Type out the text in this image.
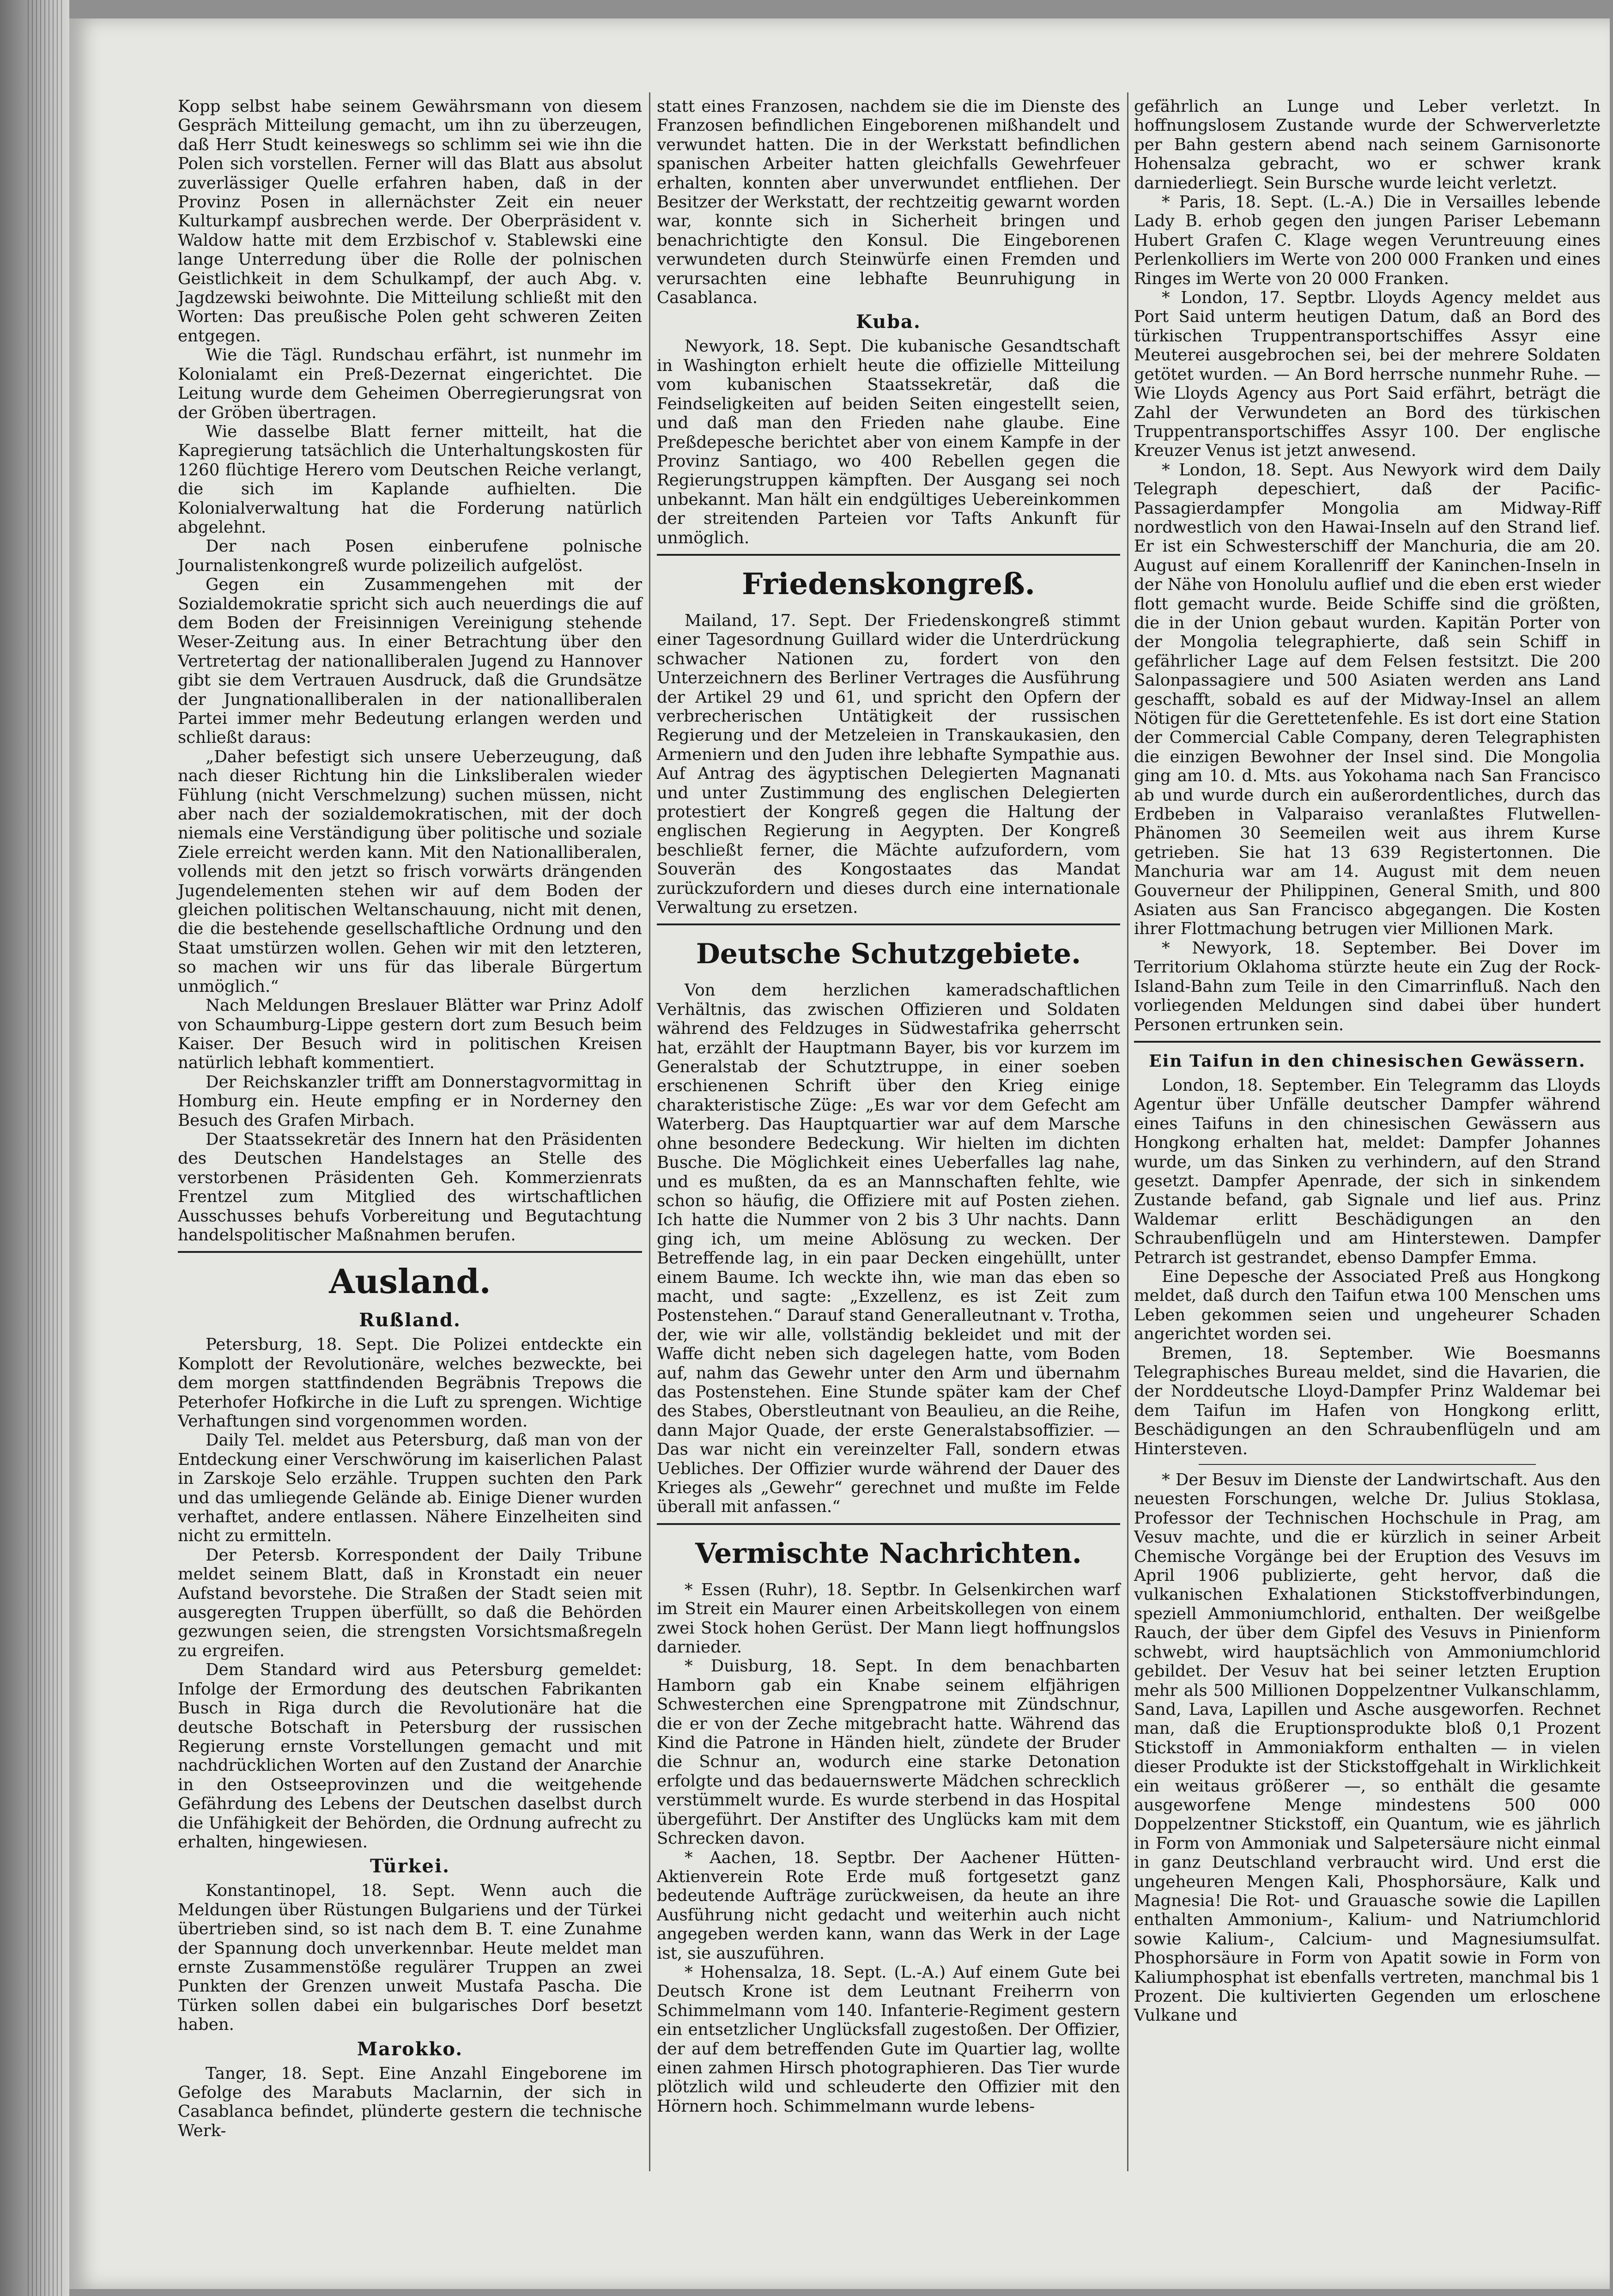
Kopp selbst habe seinem Gewährsmann von diesem Gespräch Mitteilung gemacht, um ihn zu überzeugen, daß Herr Studt keineswegs so schlimm sei wie ihn die Polen sich vorstellen. Ferner will das Blatt aus absolut zuverlässiger Quelle erfahren haben, daß in der Provinz Posen in allernächster Zeit ein neuer Kulturkampf ausbrechen werde. Der Oberpräsident v. Waldow hatte mit dem Erzbischof v. Stablewski eine lange Unterredung über die Rolle der polnischen Geistlichkeit in dem Schulkampf, der auch Abg. v. Jagdzewski beiwohnte. Die Mitteilung schließt mit den Worten: Das preußische Polen geht schweren Zeiten entgegen.

Wie die Tägl. Rundschau erfährt, ist nunmehr im Kolonialamt ein Preß-Dezernat eingerichtet. Die Leitung wurde dem Geheimen Oberregierungsrat von der Gröben übertragen.

Wie dasselbe Blatt ferner mitteilt, hat die Kapregierung tatsächlich die Unterhaltungskosten für 1260 flüchtige Herero vom Deutschen Reiche verlangt, die sich im Kaplande aufhielten. Die Kolonialverwaltung hat die Forderung natürlich abgelehnt.

Der nach Posen einberufene polnische Journalistenkongreß wurde polizeilich aufgelöst.

Gegen ein Zusammengehen mit der Sozialdemokratie spricht sich auch neuerdings die auf dem Boden der Freisinnigen Vereinigung stehende Weser-Zeitung aus. In einer Betrachtung über den Vertretertag der nationalliberalen Jugend zu Hannover gibt sie dem Vertrauen Ausdruck, daß die Grundsätze der Jungnationalliberalen in der nationalliberalen Partei immer mehr Bedeutung erlangen werden und schließt daraus:

„Daher befestigt sich unsere Ueberzeugung, daß nach dieser Richtung hin die Linksliberalen wieder Fühlung (nicht Verschmelzung) suchen müssen, nicht aber nach der sozialdemokratischen, mit der doch niemals eine Verständigung über politische und soziale Ziele erreicht werden kann. Mit den Nationalliberalen, vollends mit den jetzt so frisch vorwärts drängenden Jugendelementen stehen wir auf dem Boden der gleichen politischen Weltanschauung, nicht mit denen, die die bestehende gesellschaftliche Ordnung und den Staat umstürzen wollen. Gehen wir mit den letzteren, so machen wir uns für das liberale Bürgertum unmöglich.“

Nach Meldungen Breslauer Blätter war Prinz Adolf von Schaumburg-Lippe gestern dort zum Besuch beim Kaiser. Der Besuch wird in politischen Kreisen natürlich lebhaft kommentiert.

Der Reichskanzler trifft am Donnerstagvormittag in Homburg ein. Heute empfing er in Norderney den Besuch des Grafen Mirbach.

Der Staatssekretär des Innern hat den Präsidenten des Deutschen Handelstages an Stelle des verstorbenen Präsidenten Geh. Kommerzienrats Frentzel zum Mitglied des wirtschaftlichen Ausschusses behufs Vorbereitung und Begutachtung handelspolitischer Maßnahmen berufen.

Ausland.
Rußland.

Petersburg, 18. Sept. Die Polizei entdeckte ein Komplott der Revolutionäre, welches bezweckte, bei dem morgen stattfindenden Begräbnis Trepows die Peterhofer Hofkirche in die Luft zu sprengen. Wichtige Verhaftungen sind vorgenommen worden.

Daily Tel. meldet aus Petersburg, daß man von der Entdeckung einer Verschwörung im kaiserlichen Palast in Zarskoje Selo erzähle. Truppen suchten den Park und das umliegende Gelände ab. Einige Diener wurden verhaftet, andere entlassen. Nähere Einzelheiten sind nicht zu ermitteln.

Der Petersb. Korrespondent der Daily Tribune meldet seinem Blatt, daß in Kronstadt ein neuer Aufstand bevorstehe. Die Straßen der Stadt seien mit ausgeregten Truppen überfüllt, so daß die Behörden gezwungen seien, die strengsten Vorsichtsmaßregeln zu ergreifen.

Dem Standard wird aus Petersburg gemeldet: Infolge der Ermordung des deutschen Fabrikanten Busch in Riga durch die Revolutionäre hat die deutsche Botschaft in Petersburg der russischen Regierung ernste Vorstellungen gemacht und mit nachdrücklichen Worten auf den Zustand der Anarchie in den Ostseeprovinzen und die weitgehende Gefährdung des Lebens der Deutschen daselbst durch die Unfähigkeit der Behörden, die Ordnung aufrecht zu erhalten, hingewiesen.

Türkei.

Konstantinopel, 18. Sept. Wenn auch die Meldungen über Rüstungen Bulgariens und der Türkei übertrieben sind, so ist nach dem B. T. eine Zunahme der Spannung doch unverkennbar. Heute meldet man ernste Zusammenstöße regulärer Truppen an zwei Punkten der Grenzen unweit Mustafa Pascha. Die Türken sollen dabei ein bulgarisches Dorf besetzt haben.

Marokko.

Tanger, 18. Sept. Eine Anzahl Eingeborene im Gefolge des Marabuts Maclarnin, der sich in Casablanca befindet, plünderte gestern die technische Werk-

statt eines Franzosen, nachdem sie die im Dienste des Franzosen befindlichen Eingeborenen mißhandelt und verwundet hatten. Die in der Werkstatt befindlichen spanischen Arbeiter hatten gleichfalls Gewehrfeuer erhalten, konnten aber unverwundet entfliehen. Der Besitzer der Werkstatt, der rechtzeitig gewarnt worden war, konnte sich in Sicherheit bringen und benachrichtigte den Konsul. Die Eingeborenen verwundeten durch Steinwürfe einen Fremden und verursachten eine lebhafte Beunruhigung in Casablanca.

Kuba.

Newyork, 18. Sept. Die kubanische Gesandtschaft in Washington erhielt heute die offizielle Mitteilung vom kubanischen Staatssekretär, daß die Feindseligkeiten auf beiden Seiten eingestellt seien, und daß man den Frieden nahe glaube. Eine Preßdepesche berichtet aber von einem Kampfe in der Provinz Santiago, wo 400 Rebellen gegen die Regierungstruppen kämpften. Der Ausgang sei noch unbekannt. Man hält ein endgültiges Uebereinkommen der streitenden Parteien vor Tafts Ankunft für unmöglich.

Friedenskongreß.

Mailand, 17. Sept. Der Friedenskongreß stimmt einer Tagesordnung Guillard wider die Unterdrückung schwacher Nationen zu, fordert von den Unterzeichnern des Berliner Vertrages die Ausführung der Artikel 29 und 61, und spricht den Opfern der verbrecherischen Untätigkeit der russischen Regierung und der Metzeleien in Transkaukasien, den Armeniern und den Juden ihre lebhafte Sympathie aus. Auf Antrag des ägyptischen Delegierten Magnanati und unter Zustimmung des englischen Delegierten protestiert der Kongreß gegen die Haltung der englischen Regierung in Aegypten. Der Kongreß beschließt ferner, die Mächte aufzufordern, vom Souverän des Kongostaates das Mandat zurückzufordern und dieses durch eine internationale Verwaltung zu ersetzen.

Deutsche Schutzgebiete.

Von dem herzlichen kameradschaftlichen Verhältnis, das zwischen Offizieren und Soldaten während des Feldzuges in Südwestafrika geherrscht hat, erzählt der Hauptmann Bayer, bis vor kurzem im Generalstab der Schutztruppe, in einer soeben erschienenen Schrift über den Krieg einige charakteristische Züge: „Es war vor dem Gefecht am Waterberg. Das Hauptquartier war auf dem Marsche ohne besondere Bedeckung. Wir hielten im dichten Busche. Die Möglichkeit eines Ueberfalles lag nahe, und es mußten, da es an Mannschaften fehlte, wie schon so häufig, die Offiziere mit auf Posten ziehen. Ich hatte die Nummer von 2 bis 3 Uhr nachts. Dann ging ich, um meine Ablösung zu wecken. Der Betreffende lag, in ein paar Decken eingehüllt, unter einem Baume. Ich weckte ihn, wie man das eben so macht, und sagte: „Exzellenz, es ist Zeit zum Postenstehen.“ Darauf stand Generalleutnant v. Trotha, der, wie wir alle, vollständig bekleidet und mit der Waffe dicht neben sich dagelegen hatte, vom Boden auf, nahm das Gewehr unter den Arm und übernahm das Postenstehen. Eine Stunde später kam der Chef des Stabes, Oberstleutnant von Beaulieu, an die Reihe, dann Major Quade, der erste Generalstabsoffizier. — Das war nicht ein vereinzelter Fall, sondern etwas Uebliches. Der Offizier wurde während der Dauer des Krieges als „Gewehr“ gerechnet und mußte im Felde überall mit anfassen.“

Vermischte Nachrichten.

* Essen (Ruhr), 18. Septbr. In Gelsenkirchen warf im Streit ein Maurer einen Arbeitskollegen von einem zwei Stock hohen Gerüst. Der Mann liegt hoffnungslos darnieder.

* Duisburg, 18. Sept. In dem benachbarten Hamborn gab ein Knabe seinem elfjährigen Schwesterchen eine Sprengpatrone mit Zündschnur, die er von der Zeche mitgebracht hatte. Während das Kind die Patrone in Händen hielt, zündete der Bruder die Schnur an, wodurch eine starke Detonation erfolgte und das bedauernswerte Mädchen schrecklich verstümmelt wurde. Es wurde sterbend in das Hospital übergeführt. Der Anstifter des Unglücks kam mit dem Schrecken davon.

* Aachen, 18. Septbr. Der Aachener Hütten-Aktienverein Rote Erde muß fortgesetzt ganz bedeutende Aufträge zurückweisen, da heute an ihre Ausführung nicht gedacht und weiterhin auch nicht angegeben werden kann, wann das Werk in der Lage ist, sie auszuführen.

* Hohensalza, 18. Sept. (L.-A.) Auf einem Gute bei Deutsch Krone ist dem Leutnant Freiherrn von Schimmelmann vom 140. Infanterie-Regiment gestern ein entsetzlicher Unglücksfall zugestoßen. Der Offizier, der auf dem betreffenden Gute im Quartier lag, wollte einen zahmen Hirsch photographieren. Das Tier wurde plötzlich wild und schleuderte den Offizier mit den Hörnern hoch. Schimmelmann wurde lebens-

gefährlich an Lunge und Leber verletzt. In hoffnungslosem Zustande wurde der Schwerverletzte per Bahn gestern abend nach seinem Garnisonorte Hohensalza gebracht, wo er schwer krank darniederliegt. Sein Bursche wurde leicht verletzt.

* Paris, 18. Sept. (L.-A.) Die in Versailles lebende Lady B. erhob gegen den jungen Pariser Lebemann Hubert Grafen C. Klage wegen Veruntreuung eines Perlenkolliers im Werte von 200 000 Franken und eines Ringes im Werte von 20 000 Franken.

* London, 17. Septbr. Lloyds Agency meldet aus Port Said unterm heutigen Datum, daß an Bord des türkischen Truppentransportschiffes Assyr eine Meuterei ausgebrochen sei, bei der mehrere Soldaten getötet wurden. — An Bord herrsche nunmehr Ruhe. — Wie Lloyds Agency aus Port Said erfährt, beträgt die Zahl der Verwundeten an Bord des türkischen Truppentransportschiffes Assyr 100. Der englische Kreuzer Venus ist jetzt anwesend.

* London, 18. Sept. Aus Newyork wird dem Daily Telegraph depeschiert, daß der Pacific-Passagierdampfer Mongolia am Midway-Riff nordwestlich von den Hawai-Inseln auf den Strand lief. Er ist ein Schwesterschiff der Manchuria, die am 20. August auf einem Korallenriff der Kaninchen-Inseln in der Nähe von Honolulu auflief und die eben erst wieder flott gemacht wurde. Beide Schiffe sind die größten, die in der Union gebaut wurden. Kapitän Porter von der Mongolia telegraphierte, daß sein Schiff in gefährlicher Lage auf dem Felsen festsitzt. Die 200 Salonpassagiere und 500 Asiaten werden ans Land geschafft, sobald es auf der Midway-Insel an allem Nötigen für die Gerettetenfehle. Es ist dort eine Station der Commercial Cable Company, deren Telegraphisten die einzigen Bewohner der Insel sind. Die Mongolia ging am 10. d. Mts. aus Yokohama nach San Francisco ab und wurde durch ein außerordentliches, durch das Erdbeben in Valparaiso veranlaßtes Flutwellen-Phänomen 30 Seemeilen weit aus ihrem Kurse getrieben. Sie hat 13 639 Registertonnen. Die Manchuria war am 14. August mit dem neuen Gouverneur der Philippinen, General Smith, und 800 Asiaten aus San Francisco abgegangen. Die Kosten ihrer Flottmachung betrugen vier Millionen Mark.

* Newyork, 18. September. Bei Dover im Territorium Oklahoma stürzte heute ein Zug der Rock-Island-Bahn zum Teile in den Cimarrinfluß. Nach den vorliegenden Meldungen sind dabei über hundert Personen ertrunken sein.

Ein Taifun in den chinesischen Gewässern.

London, 18. September. Ein Telegramm das Lloyds Agentur über Unfälle deutscher Dampfer während eines Taifuns in den chinesischen Gewässern aus Hongkong erhalten hat, meldet: Dampfer Johannes wurde, um das Sinken zu verhindern, auf den Strand gesetzt. Dampfer Apenrade, der sich in sinkendem Zustande befand, gab Signale und lief aus. Prinz Waldemar erlitt Beschädigungen an den Schraubenflügeln und am Hinterstewen. Dampfer Petrarch ist gestrandet, ebenso Dampfer Emma.

Eine Depesche der Associated Preß aus Hongkong meldet, daß durch den Taifun etwa 100 Menschen ums Leben gekommen seien und ungeheurer Schaden angerichtet worden sei.

Bremen, 18. September. Wie Boesmanns Telegraphisches Bureau meldet, sind die Havarien, die der Norddeutsche Lloyd-Dampfer Prinz Waldemar bei dem Taifun im Hafen von Hongkong erlitt, Beschädigungen an den Schraubenflügeln und am Hintersteven.

* Der Besuv im Dienste der Landwirtschaft. Aus den neuesten Forschungen, welche Dr. Julius Stoklasa, Professor der Technischen Hochschule in Prag, am Vesuv machte, und die er kürzlich in seiner Arbeit Chemische Vorgänge bei der Eruption des Vesuvs im April 1906 publizierte, geht hervor, daß die vulkanischen Exhalationen Stickstoffverbindungen, speziell Ammoniumchlorid, enthalten. Der weißgelbe Rauch, der über dem Gipfel des Vesuvs in Pinienform schwebt, wird hauptsächlich von Ammoniumchlorid gebildet. Der Vesuv hat bei seiner letzten Eruption mehr als 500 Millionen Doppelzentner Vulkanschlamm, Sand, Lava, Lapillen und Asche ausgeworfen. Rechnet man, daß die Eruptionsprodukte bloß 0,1 Prozent Stickstoff in Ammoniakform enthalten — in vielen dieser Produkte ist der Stickstoffgehalt in Wirklichkeit ein weitaus größerer —, so enthält die gesamte ausgeworfene Menge mindestens 500 000 Doppelzentner Stickstoff, ein Quantum, wie es jährlich in Form von Ammoniak und Salpetersäure nicht einmal in ganz Deutschland verbraucht wird. Und erst die ungeheuren Mengen Kali, Phosphorsäure, Kalk und Magnesia! Die Rot- und Grauasche sowie die Lapillen enthalten Ammonium-, Kalium- und Natriumchlorid sowie Kalium-, Calcium- und Magnesiumsulfat. Phosphorsäure in Form von Apatit sowie in Form von Kaliumphosphat ist ebenfalls vertreten, manchmal bis 1 Prozent. Die kultivierten Gegenden um erloschene Vulkane und
